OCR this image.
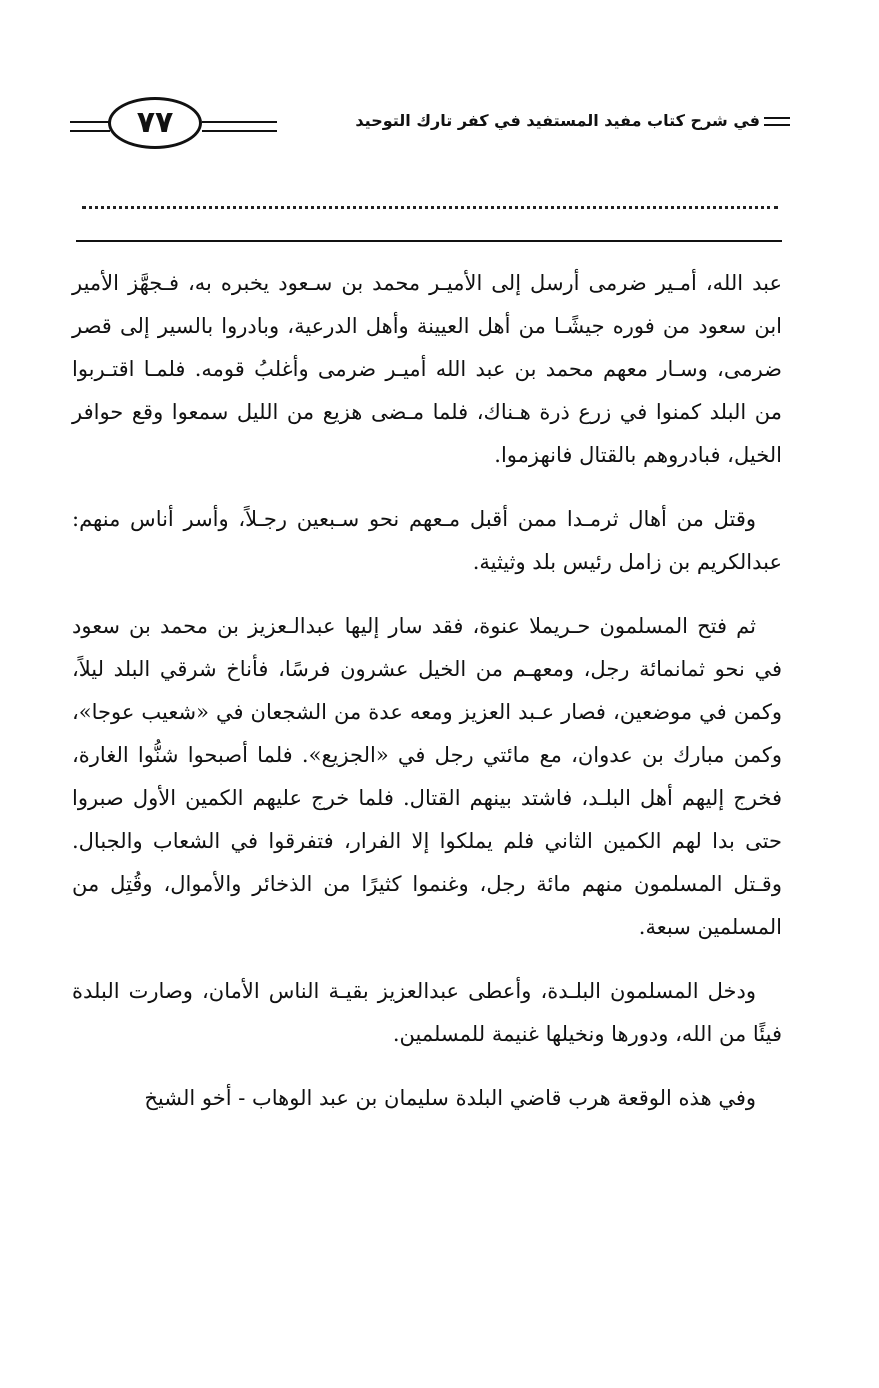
٧٧	في شرح كتاب مفيد المستفيد في كفر تارك التوحيد

عبد الله، أمـير ضرمى أرسل إلى الأميـر محمد بن سـعود يخبره به، فـجهَّز الأمير ابن سعود من فوره جيشًـا من أهل العيينة وأهل الدرعية، وبادروا بالسير إلى قصر ضرمى، وسـار معهم محمد بن عبد الله أميـر ضرمى وأغلبُ قومه. فلمـا اقتـربوا من البلد كمنوا في زرع ذرة هـناك، فلما مـضى هزيع من الليل سمعوا وقع حوافر الخيل، فبادروهم بالقتال فانهزموا.

وقتل من أهال ثرمـدا ممن أقبل مـعهم نحو سـبعين رجـلاً، وأسر أناس منهم: عبدالكريم بن زامل رئيس بلد وثيثية.

ثم فتح المسلمون حـريملا عنوة، فقد سار إليها عبدالـعزيز بن محمد بن سعود في نحو ثمانمائة رجل، ومعهـم من الخيل عشرون فرسًا، فأناخ شرقي البلد ليلاً، وكمن في موضعين، فصار عـبد العزيز ومعه عدة من الشجعان في «شعيب عوجا»، وكمن مبارك بن عدوان، مع مائتي رجل في «الجزيع». فلما أصبحوا شنُّوا الغارة، فخرج إليهم أهل البلـد، فاشتد بينهم القتال. فلما خرج عليهم الكمين الأول صبروا حتى بدا لهم الكمين الثاني فلم يملكوا إلا الفرار، فتفرقوا في الشعاب والجبال. وقـتل المسلمون منهم مائة رجل، وغنموا كثيرًا من الذخائر والأموال، وقُتِل من المسلمين سبعة.

ودخل المسلمون البلـدة، وأعطى عبدالعزيز بقيـة الناس الأمان، وصارت البلدة فيئًا من الله، ودورها ونخيلها غنيمة للمسلمين.

وفي هذه الوقعة هرب قاضي البلدة سليمان بن عبد الوهاب - أخو الشيخ
